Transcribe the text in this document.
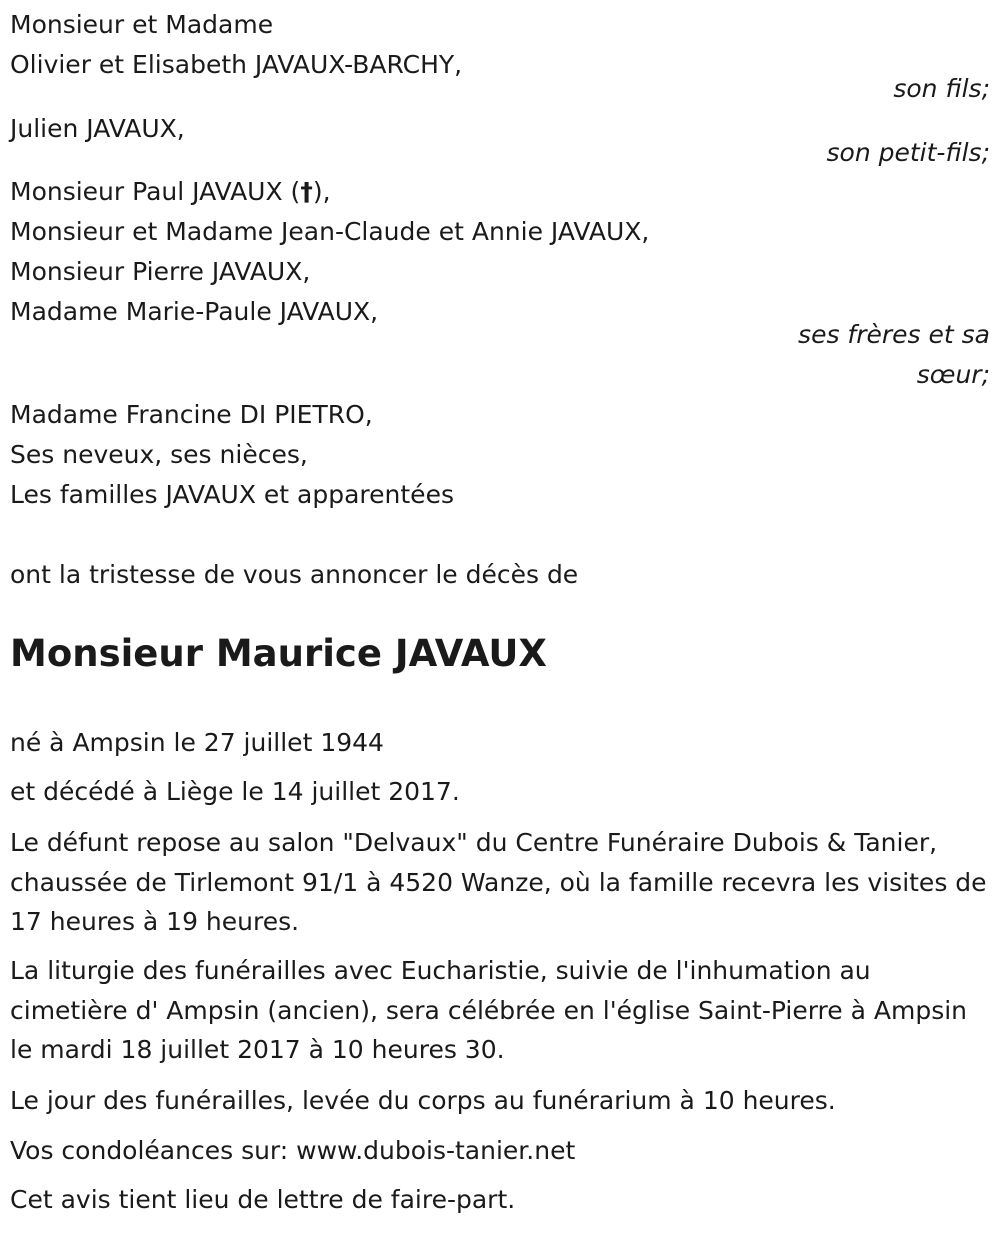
Monsieur et Madame
Olivier et Elisabeth JAVAUX-BARCHY,
son fils;
Julien JAVAUX,
son petit-fils;
Monsieur Paul JAVAUX (†),
Monsieur et Madame Jean-Claude et Annie JAVAUX,
Monsieur Pierre JAVAUX,
Madame Marie-Paule JAVAUX,
ses frères et sa
sœur;
Madame Francine DI PIETRO,
Ses neveux, ses nièces,
Les familles JAVAUX et apparentées
ont la tristesse de vous annoncer le décès de
Monsieur Maurice JAVAUX
né à Ampsin le 27 juillet 1944
et décédé à Liège le 14 juillet 2017.
Le défunt repose au salon "Delvaux" du Centre Funéraire Dubois & Tanier, chaussée de Tirlemont 91/1 à 4520 Wanze, où la famille recevra les visites de 17 heures à 19 heures.
La liturgie des funérailles avec Eucharistie, suivie de l'inhumation au cimetière d' Ampsin (ancien), sera célébrée en l'église Saint-Pierre à Ampsin le mardi 18 juillet 2017 à 10 heures 30.
Le jour des funérailles, levée du corps au funérarium à 10 heures.
Vos condoléances sur: www.dubois-tanier.net
Cet avis tient lieu de lettre de faire-part.
